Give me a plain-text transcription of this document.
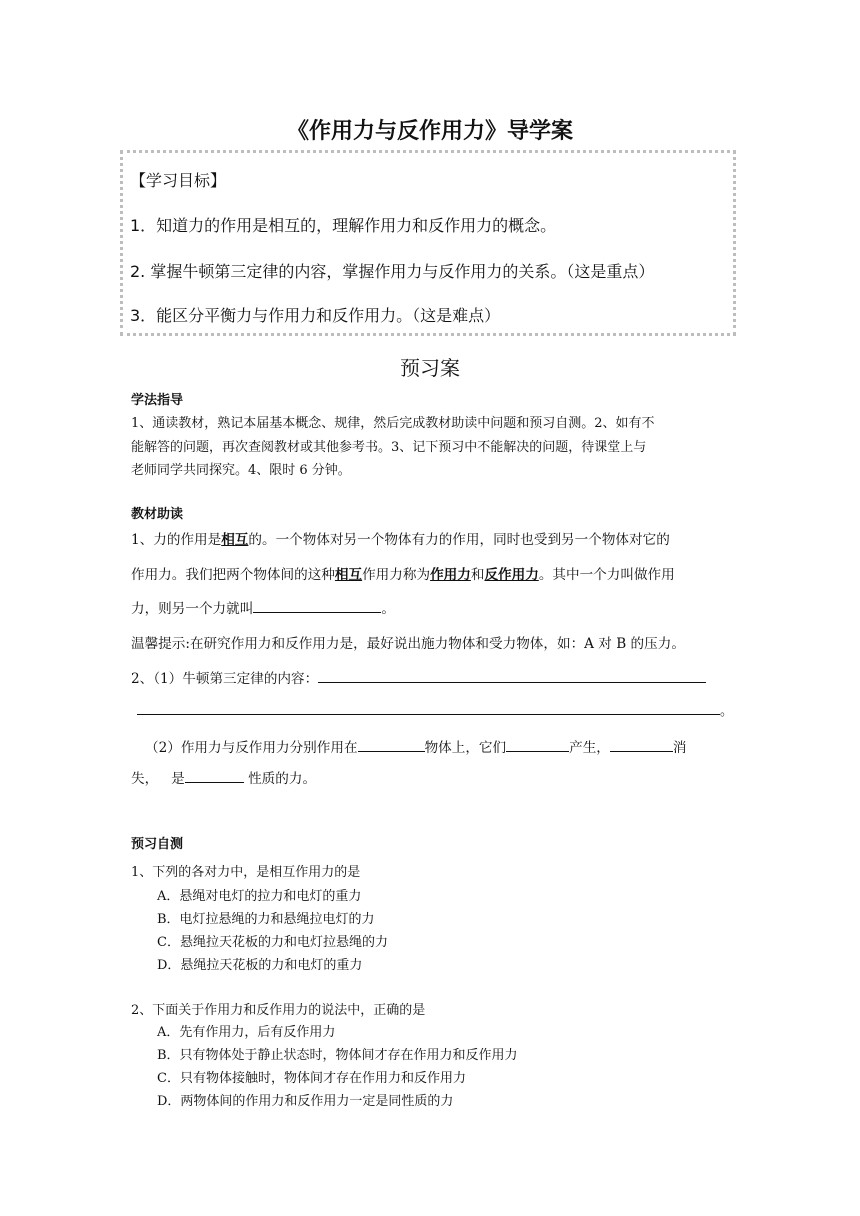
《作用力与反作用力》导学案
【学习目标】
1．知道力的作用是相互的，理解作用力和反作用力的概念。
2. 掌握牛顿第三定律的内容，掌握作用力与反作用力的关系。（这是重点）
3．能区分平衡力与作用力和反作用力。（这是难点）
预习案
学法指导
1、通读教材，熟记本届基本概念、规律，然后完成教材助读中问题和预习自测。2、如有不
能解答的问题，再次查阅教材或其他参考书。3、记下预习中不能解决的问题，待课堂上与
老师同学共同探究。4、限时 6 分钟。
教材助读
1、力的作用是相互的。一个物体对另一个物体有力的作用，同时也受到另一个物体对它的
作用力。我们把两个物体间的这种相互作用力称为作用力和反作用力。其中一个力叫做作用
力，则另一个力就叫	。
温馨提示:在研究作用力和反作用力是，最好说出施力物体和受力物体，如：A 对 B 的压力。
2、（1）牛顿第三定律的内容：
。
（2）作用力与反作用力分别作用在	物体上，它们	产生，	消
失， 是	性质的力。
预习自测
1、下列的各对力中，是相互作用力的是
A．悬绳对电灯的拉力和电灯的重力
B．电灯拉悬绳的力和悬绳拉电灯的力
C．悬绳拉天花板的力和电灯拉悬绳的力
D．悬绳拉天花板的力和电灯的重力
2、下面关于作用力和反作用力的说法中，正确的是
A．先有作用力，后有反作用力
B．只有物体处于静止状态时，物体间才存在作用力和反作用力
C．只有物体接触时，物体间才存在作用力和反作用力
D．两物体间的作用力和反作用力一定是同性质的力
